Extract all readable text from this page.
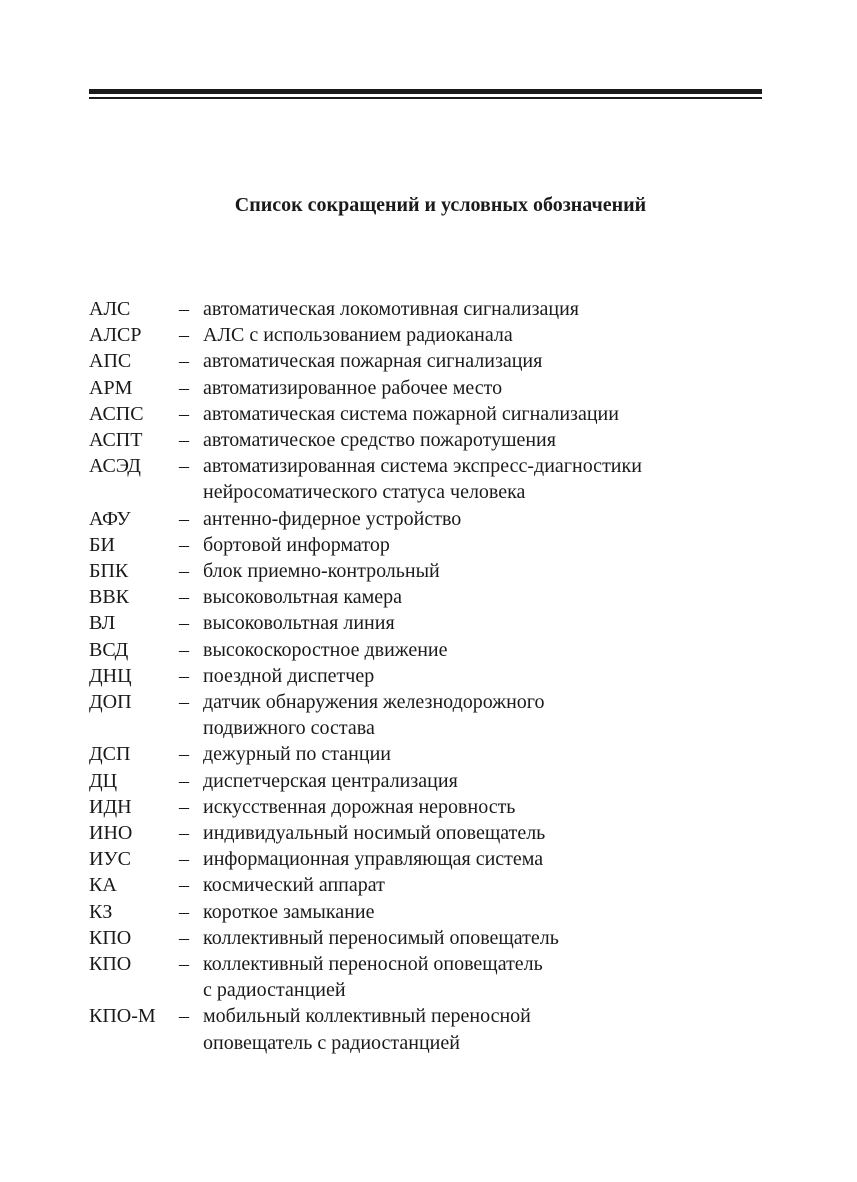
Список сокращений и условных обозначений
АЛС	– автоматическая локомотивная сигнализация
АЛСР	– АЛС с использованием радиоканала
АПС	– автоматическая пожарная сигнализация
АРМ	– автоматизированное рабочее место
АСПС	– автоматическая система пожарной сигнализации
АСПТ	– автоматическое средство пожаротушения
АСЭД	– автоматизированная система экспресс-диагностики
нейросоматического статуса человека
АФУ	– антенно-фидерное устройство
БИ	– бортовой информатор
БПК	– блок приемно-контрольный
ВВК	– высоковольтная камера
ВЛ	– высоковольтная линия
ВСД	– высокоскоростное движение
ДНЦ	– поездной диспетчер
ДОП	– датчик обнаружения железнодорожного
подвижного состава
ДСП	– дежурный по станции
ДЦ	– диспетчерская централизация
ИДН	– искусственная дорожная неровность
ИНО	– индивидуальный носимый оповещатель
ИУС	– информационная управляющая система
КА	– космический аппарат
КЗ	– короткое замыкание
КПО	– коллективный переносимый оповещатель
КПО	– коллективный переносной оповещатель
с радиостанцией
КПО-М	– мобильный коллективный переносной
оповещатель с радиостанцией
